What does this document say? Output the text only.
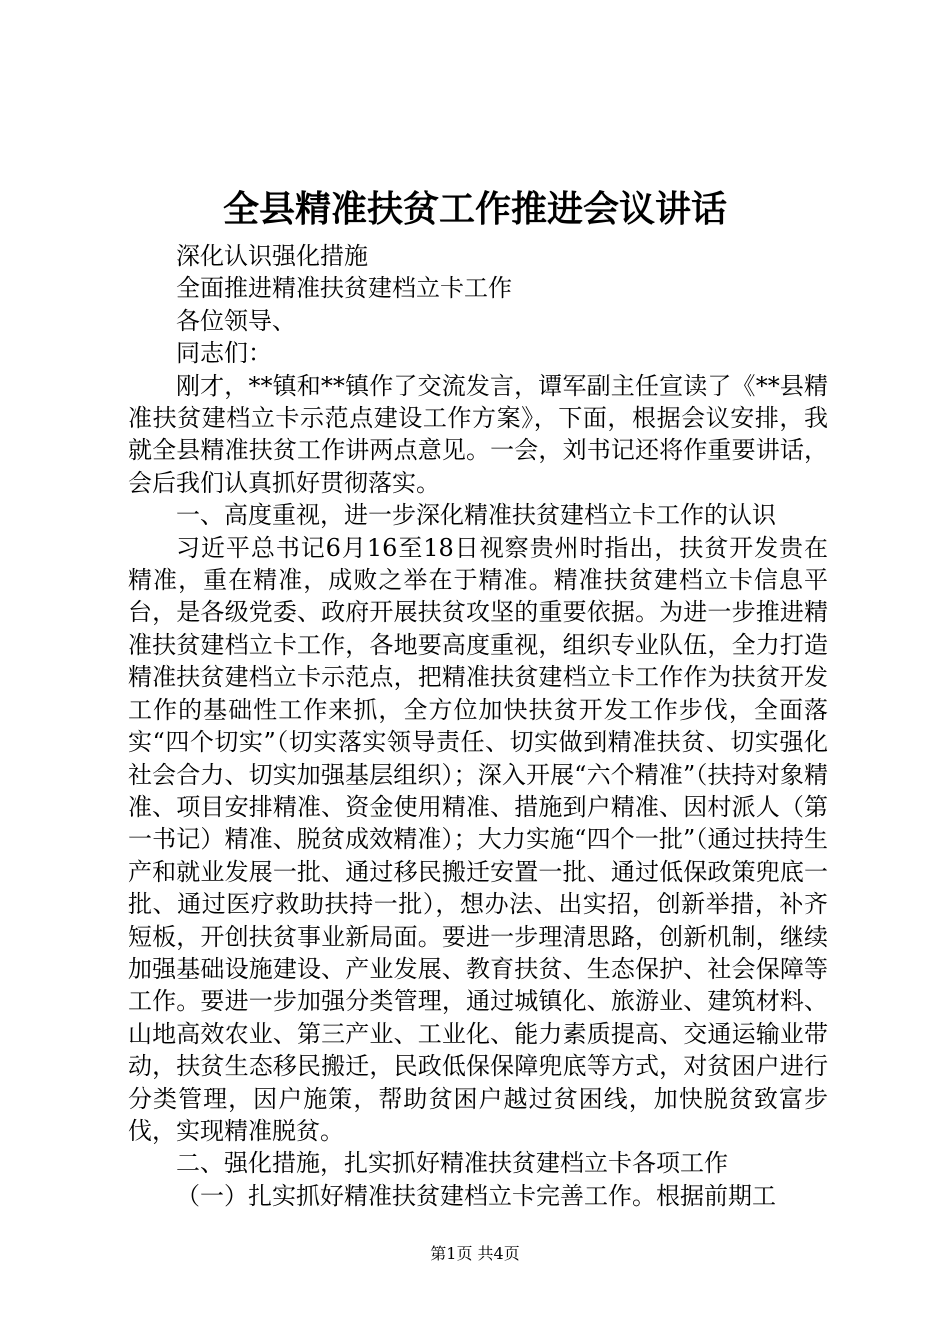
全县精准扶贫工作推进会议讲话

深化认识强化措施

全面推进精准扶贫建档立卡工作

各位领导、

同志们：

刚才，**镇和**镇作了交流发言，谭军副主任宣读了《**县精准扶贫建档立卡示范点建设工作方案》，下面，根据会议安排，我就全县精准扶贫工作讲两点意见。一会，刘书记还将作重要讲话，会后我们认真抓好贯彻落实。

一、高度重视，进一步深化精准扶贫建档立卡工作的认识

习近平总书记6月16至18日视察贵州时指出，扶贫开发贵在精准，重在精准，成败之举在于精准。精准扶贫建档立卡信息平台，是各级党委、政府开展扶贫攻坚的重要依据。为进一步推进精准扶贫建档立卡工作，各地要高度重视，组织专业队伍，全力打造精准扶贫建档立卡示范点，把精准扶贫建档立卡工作作为扶贫开发工作的基础性工作来抓，全方位加快扶贫开发工作步伐，全面落实“四个切实”（切实落实领导责任、切实做到精准扶贫、切实强化社会合力、切实加强基层组织）；深入开展“六个精准”（扶持对象精准、项目安排精准、资金使用精准、措施到户精准、因村派人（第一书记）精准、脱贫成效精准）；大力实施“四个一批”（通过扶持生产和就业发展一批、通过移民搬迁安置一批、通过低保政策兜底一批、通过医疗救助扶持一批），想办法、出实招，创新举措，补齐短板，开创扶贫事业新局面。要进一步理清思路，创新机制，继续加强基础设施建设、产业发展、教育扶贫、生态保护、社会保障等工作。要进一步加强分类管理，通过城镇化、旅游业、建筑材料、山地高效农业、第三产业、工业化、能力素质提高、交通运输业带动，扶贫生态移民搬迁，民政低保保障兜底等方式，对贫困户进行分类管理，因户施策，帮助贫困户越过贫困线，加快脱贫致富步伐，实现精准脱贫。

二、强化措施，扎实抓好精准扶贫建档立卡各项工作

（一）扎实抓好精准扶贫建档立卡完善工作。根据前期工

第1页 共4页
